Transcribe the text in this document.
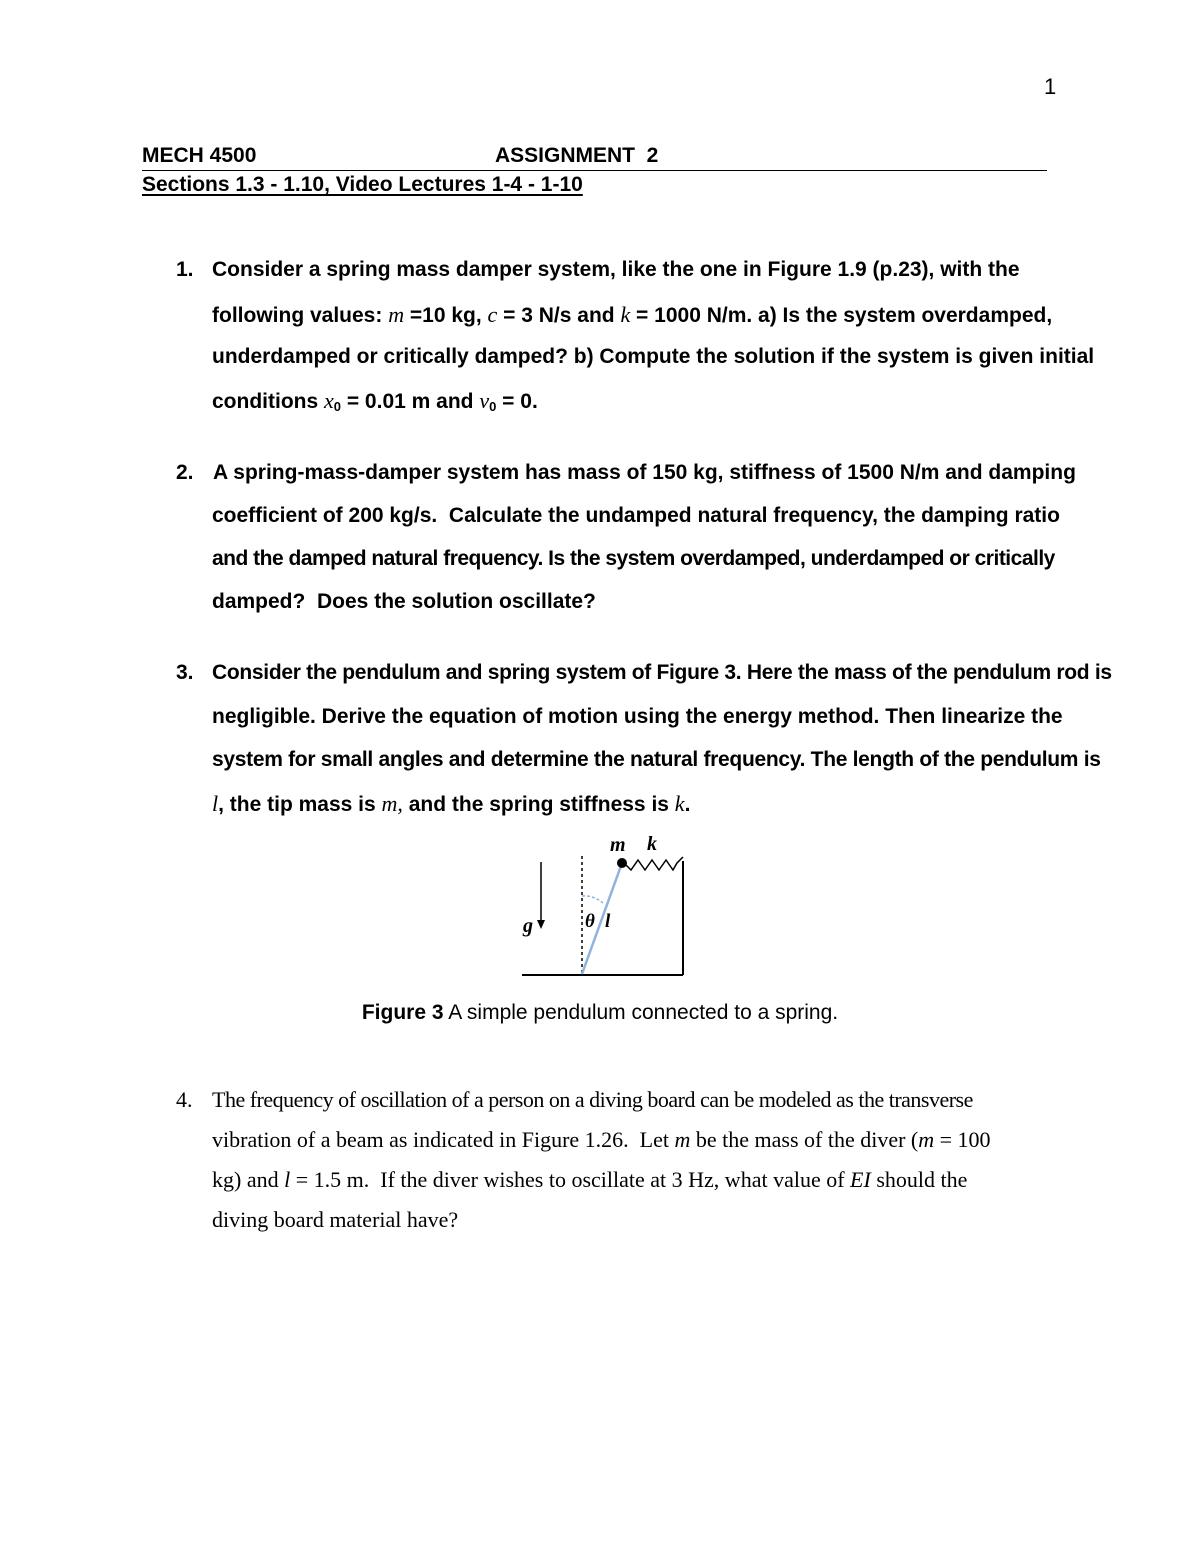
1
MECH 4500	ASSIGNMENT  2
Sections 1.3 - 1.10, Video Lectures 1-4 - 1-10
1. Consider a spring mass damper system, like the one in Figure 1.9 (p.23), with the
following values: m =10 kg, c = 3 N/s and k = 1000 N/m. a) Is the system overdamped,
underdamped or critically damped? b) Compute the solution if the system is given initial
conditions $x_0 = 0.01$ m and $v_0 = 0$.
2. A spring-mass-damper system has mass of 150 kg, stiffness of 1500 N/m and damping
coefficient of 200 kg/s.  Calculate the undamped natural frequency, the damping ratio
and the damped natural frequency. Is the system overdamped, underdamped or critically
damped?  Does the solution oscillate?
3. Consider the pendulum and spring system of Figure 3. Here the mass of the pendulum rod is
negligible. Derive the equation of motion using the energy method. Then linearize the
system for small angles and determine the natural frequency. The length of the pendulum is
l, the tip mass is m, and the spring stiffness is k.
g
m k
θ l
Figure 3 A simple pendulum connected to a spring.
4. The frequency of oscillation of a person on a diving board can be modeled as the transverse
vibration of a beam as indicated in Figure 1.26.  Let m be the mass of the diver (m = 100
kg) and l = 1.5 m.  If the diver wishes to oscillate at 3 Hz, what value of EI should the
diving board material have?
